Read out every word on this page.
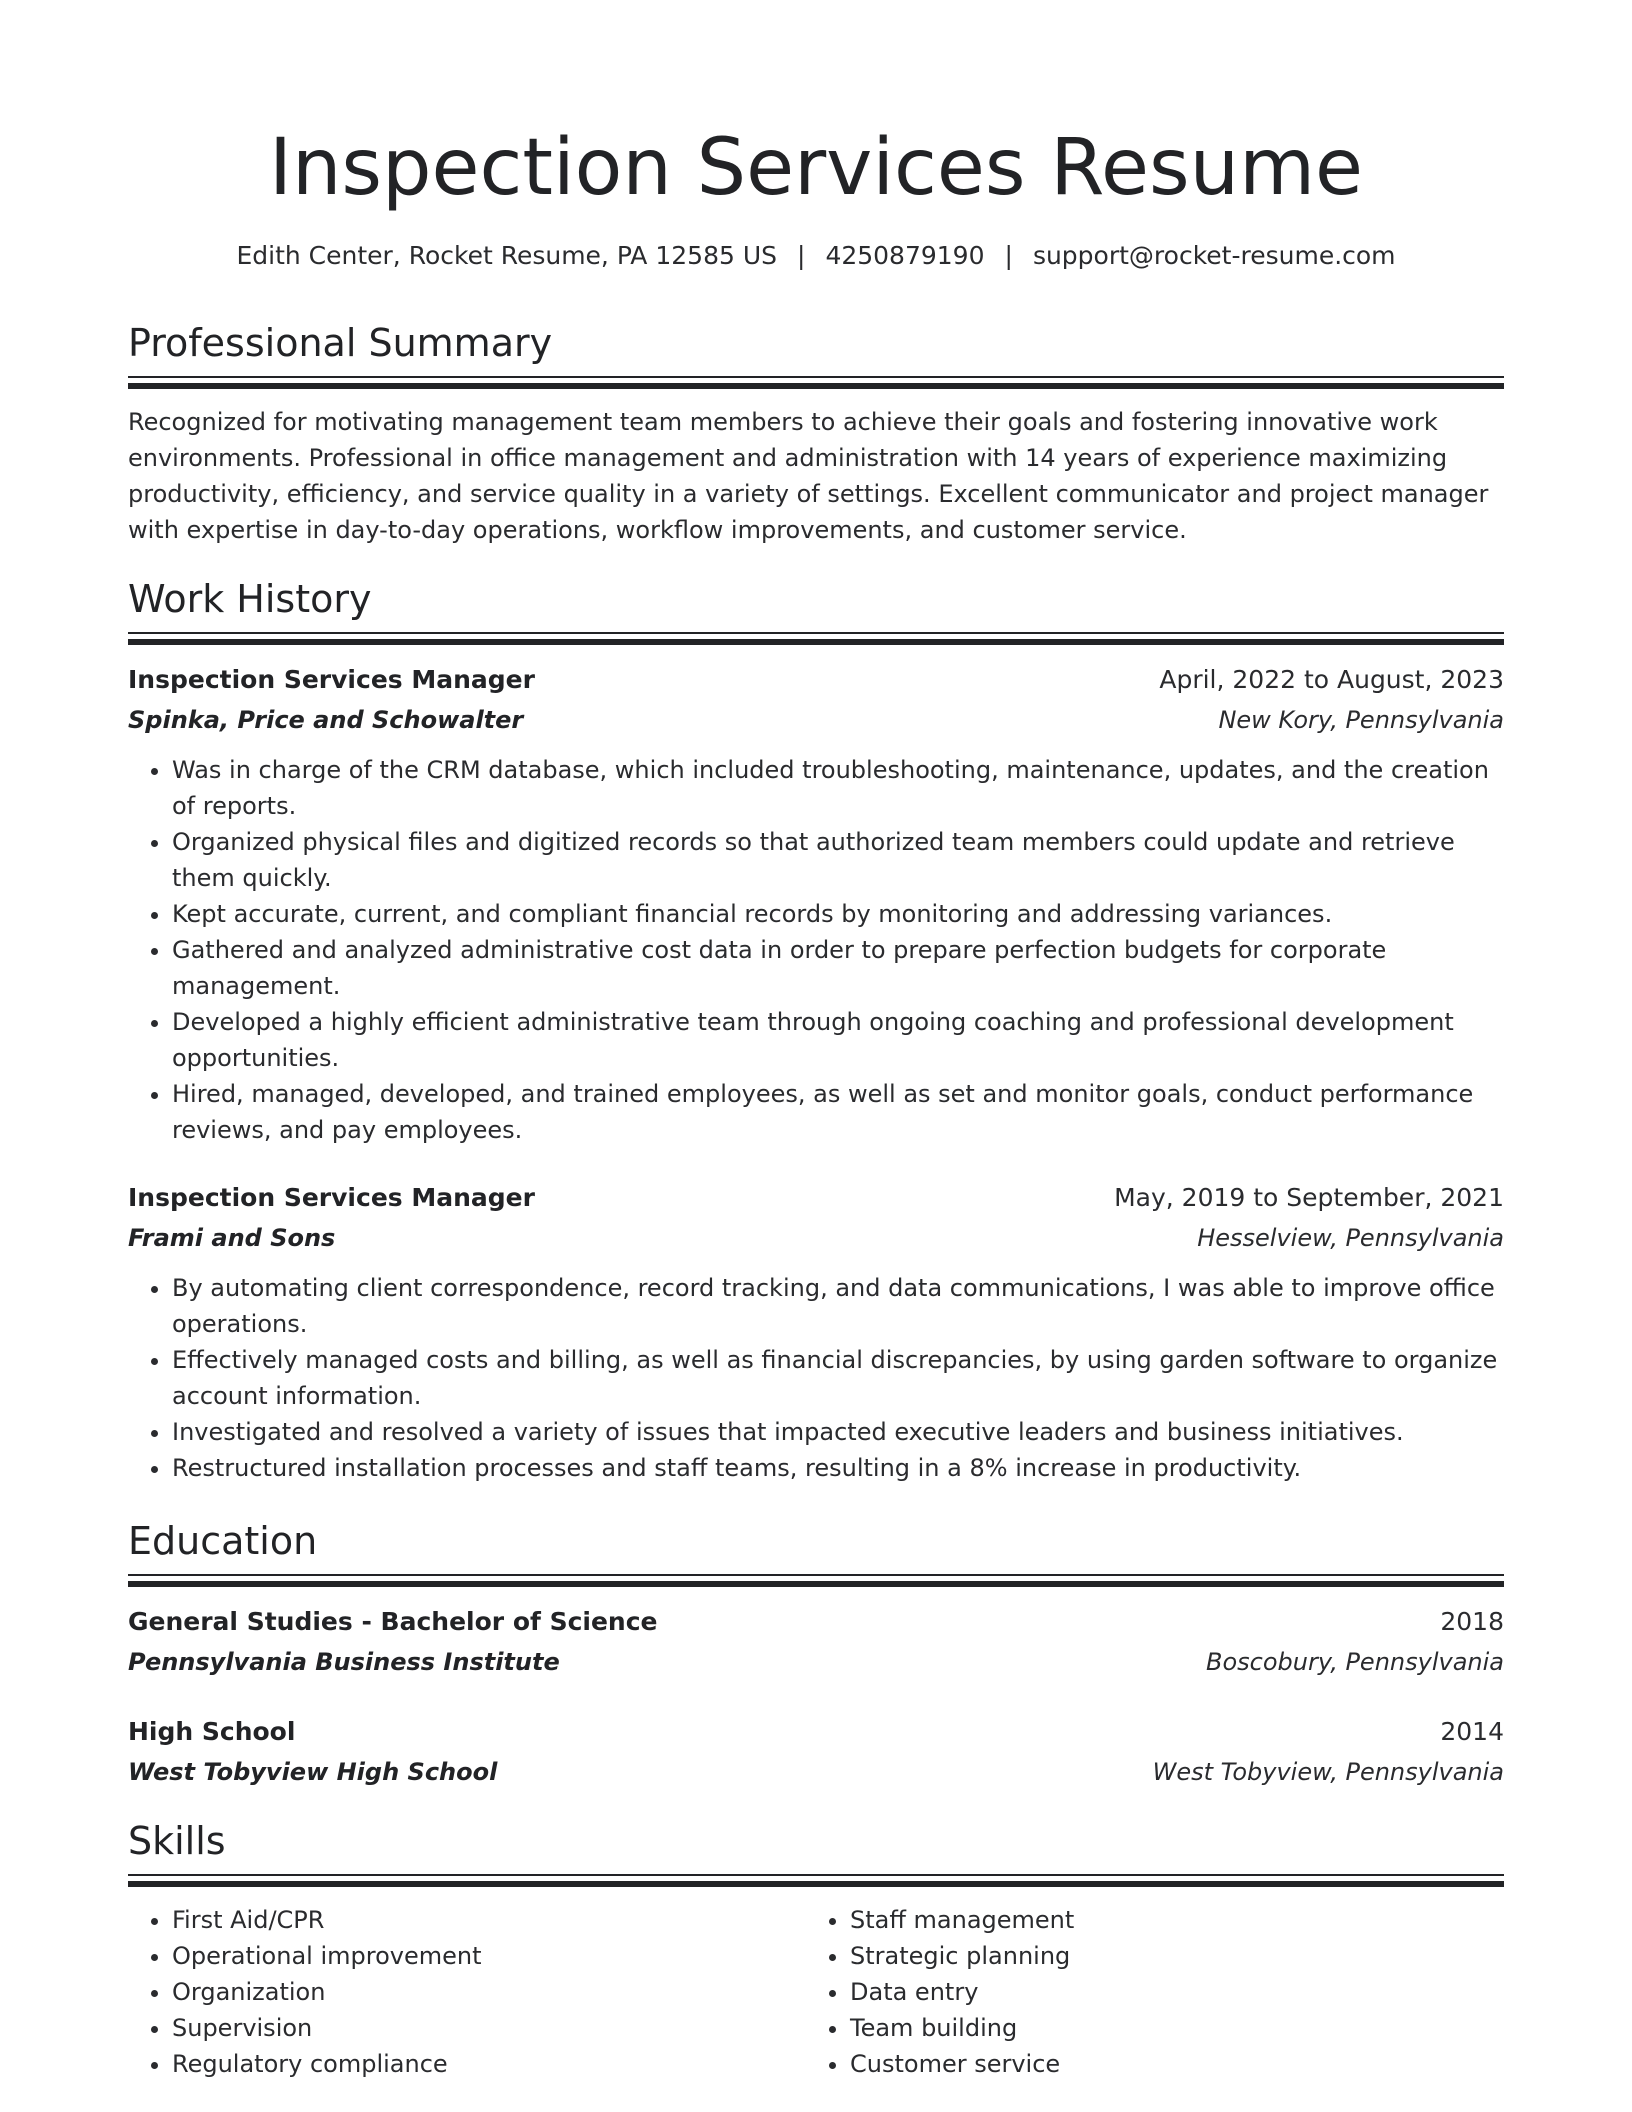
Inspection Services Resume
Edith Center, Rocket Resume, PA 12585 US | 4250879190 | support@rocket-resume.com
Professional Summary
Recognized for motivating management team members to achieve their goals and fostering innovative work environments. Professional in office management and administration with 14 years of experience maximizing productivity, efficiency, and service quality in a variety of settings. Excellent communicator and project manager with expertise in day-to-day operations, workflow improvements, and customer service.
Work History
Inspection Services Manager	April, 2022 to August, 2023
Spinka, Price and Schowalter	New Kory, Pennsylvania
• Was in charge of the CRM database, which included troubleshooting, maintenance, updates, and the creation of reports.
• Organized physical files and digitized records so that authorized team members could update and retrieve them quickly.
• Kept accurate, current, and compliant financial records by monitoring and addressing variances.
• Gathered and analyzed administrative cost data in order to prepare perfection budgets for corporate management.
• Developed a highly efficient administrative team through ongoing coaching and professional development opportunities.
• Hired, managed, developed, and trained employees, as well as set and monitor goals, conduct performance reviews, and pay employees.
Inspection Services Manager	May, 2019 to September, 2021
Frami and Sons	Hesselview, Pennsylvania
• By automating client correspondence, record tracking, and data communications, I was able to improve office operations.
• Effectively managed costs and billing, as well as financial discrepancies, by using garden software to organize account information.
• Investigated and resolved a variety of issues that impacted executive leaders and business initiatives.
• Restructured installation processes and staff teams, resulting in a 8% increase in productivity.
Education
General Studies - Bachelor of Science	2018
Pennsylvania Business Institute	Boscobury, Pennsylvania
High School	2014
West Tobyview High School	West Tobyview, Pennsylvania
Skills
• First Aid/CPR
• Operational improvement
• Organization
• Supervision
• Regulatory compliance
• Staff management
• Strategic planning
• Data entry
• Team building
• Customer service
